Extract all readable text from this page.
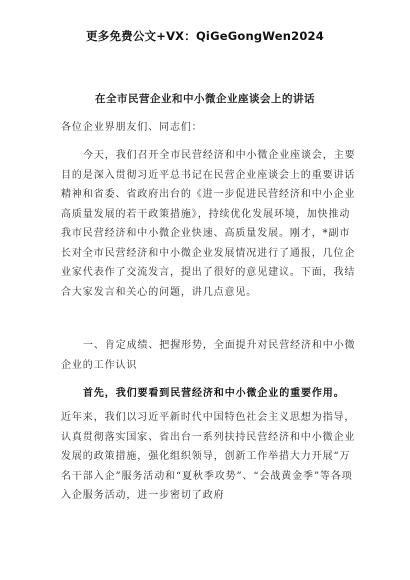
更多免费公文+VX：QiGeGongWen2024
在全市民营企业和中小微企业座谈会上的讲话

各位企业界朋友们、同志们：

今天，我们召开全市民营经济和中小微企业座谈会，主要目的是深入贯彻习近平总书记在民营企业座谈会上的重要讲话精神和省委、省政府出台的《进一步促进民营经济和中小企业高质量发展的若干政策措施》，持续优化发展环境，加快推动我市民营经济和中小微企业快速、高质量发展。刚才，*副市长对全市民营经济和中小微企业发展情况进行了通报，几位企业家代表作了交流发言，提出了很好的意见建议。下面，我结合大家发言和关心的问题，讲几点意见。

一、肯定成绩、把握形势，全面提升对民营经济和中小微企业的工作认识

首先，我们要看到民营经济和中小微企业的重要作用。

近年来，我们以习近平新时代中国特色社会主义思想为指导，认真贯彻落实国家、省出台一系列扶持民营经济和中小微企业发展的政策措施，强化组织领导，创新工作举措大力开展“万名干部入企”服务活动和“夏秋季攻势”、“会战黄金季”等各项入企服务活动，进一步密切了政府
